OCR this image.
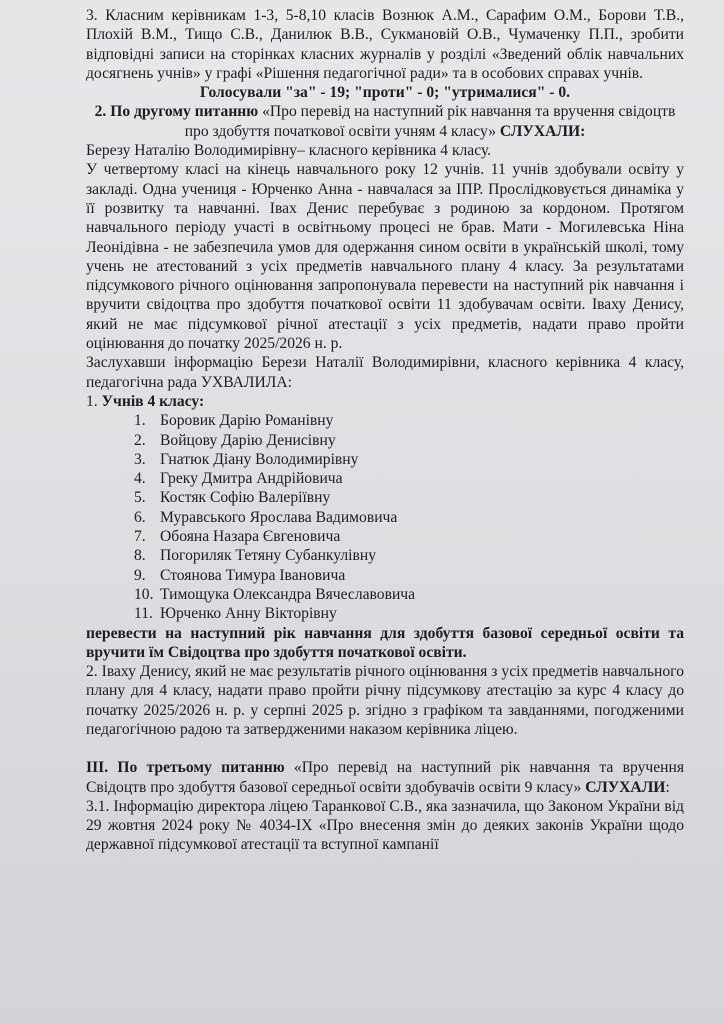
3. Класним керівникам 1-3, 5-8,10 класів Вознюк А.М., Сарафим О.М., Борови Т.В., Плохій В.М., Тищо С.В., Данилюк В.В., Сукмановій О.В., Чумаченку П.П., зробити відповідні записи на сторінках класних журналів у розділі «Зведений облік навчальних досягнень учнів» у графі «Рішення педагогічної ради» та в особових справах учнів.

Голосували "за" - 19; "проти" - 0; "утрималися" - 0.

2. По другому питанню «Про перевід на наступний рік навчання та вручення свідоцтв про здобуття початкової освіти учням 4 класу» СЛУХАЛИ:

Березу Наталію Володимирівну– класного керівника 4 класу.

У четвертому класі на кінець навчального року 12 учнів. 11 учнів здобували освіту у закладі. Одна учениця - Юрченко Анна - навчалася за ІПР. Прослідковується динаміка у її розвитку та навчанні. Іваx Денис перебуває з родиною за кордоном. Протягом навчального періоду участі в освітньому процесі не брав. Мати - Могилевська Ніна Леонідівна - не забезпечила умов для одержання сином освіти в українській школі, тому учень не атестований з усіх предметів навчального плану 4 класу. За результатами підсумкового річного оцінювання запропонувала перевести на наступний рік навчання і вручити свідоцтва про здобуття початкової освіти 11 здобувачам освіти. Іваху Денису, який не має підсумкової річної атестації з усіх предметів, надати право пройти оцінювання до початку 2025/2026 н. р.

Заслухавши інформацію Берези Наталії Володимирівни, класного керівника 4 класу, педагогічна рада УХВАЛИЛА:

1. Учнів 4 класу:

1. Боровик Дарію Романівну
2. Войцову Дарію Денисівну
3. Гнатюк Діану Володимирівну
4. Греку Дмитра Андрійовича
5. Костяк Софію Валеріївну
6. Муравського Ярослава Вадимовича
7. Обояна Назара Євгеновича
8. Погориляк Тетяну Субанкулівну
9. Стоянова Тимура Івановича
10. Тимощука Олександра Вячеславовича
11. Юрченко Анну Вікторівну

перевести на наступний рік навчання для здобуття базової середньої освіти та вручити їм Свідоцтва про здобуття початкової освіти.

2. Іваху Денису, який не має результатів річного оцінювання з усіх предметів навчального плану для 4 класу, надати право пройти річну підсумкову атестацію за курс 4 класу до початку 2025/2026 н. р. у серпні 2025 р. згідно з графіком та завданнями, погодженими педагогічною радою та затвердженими наказом керівника ліцею.

ІІІ. По третьому питанню «Про перевід на наступний рік навчання та вручення Свідоцтв про здобуття базової середньої освіти здобувачів освіти 9 класу» СЛУХАЛИ:

3.1. Інформацію директора ліцею Таранкової С.В., яка зазначила, що Законом України від 29 жовтня 2024 року № 4034-ІХ «Про внесення змін до деяких законів України щодо державної підсумкової атестації та вступної кампанії
